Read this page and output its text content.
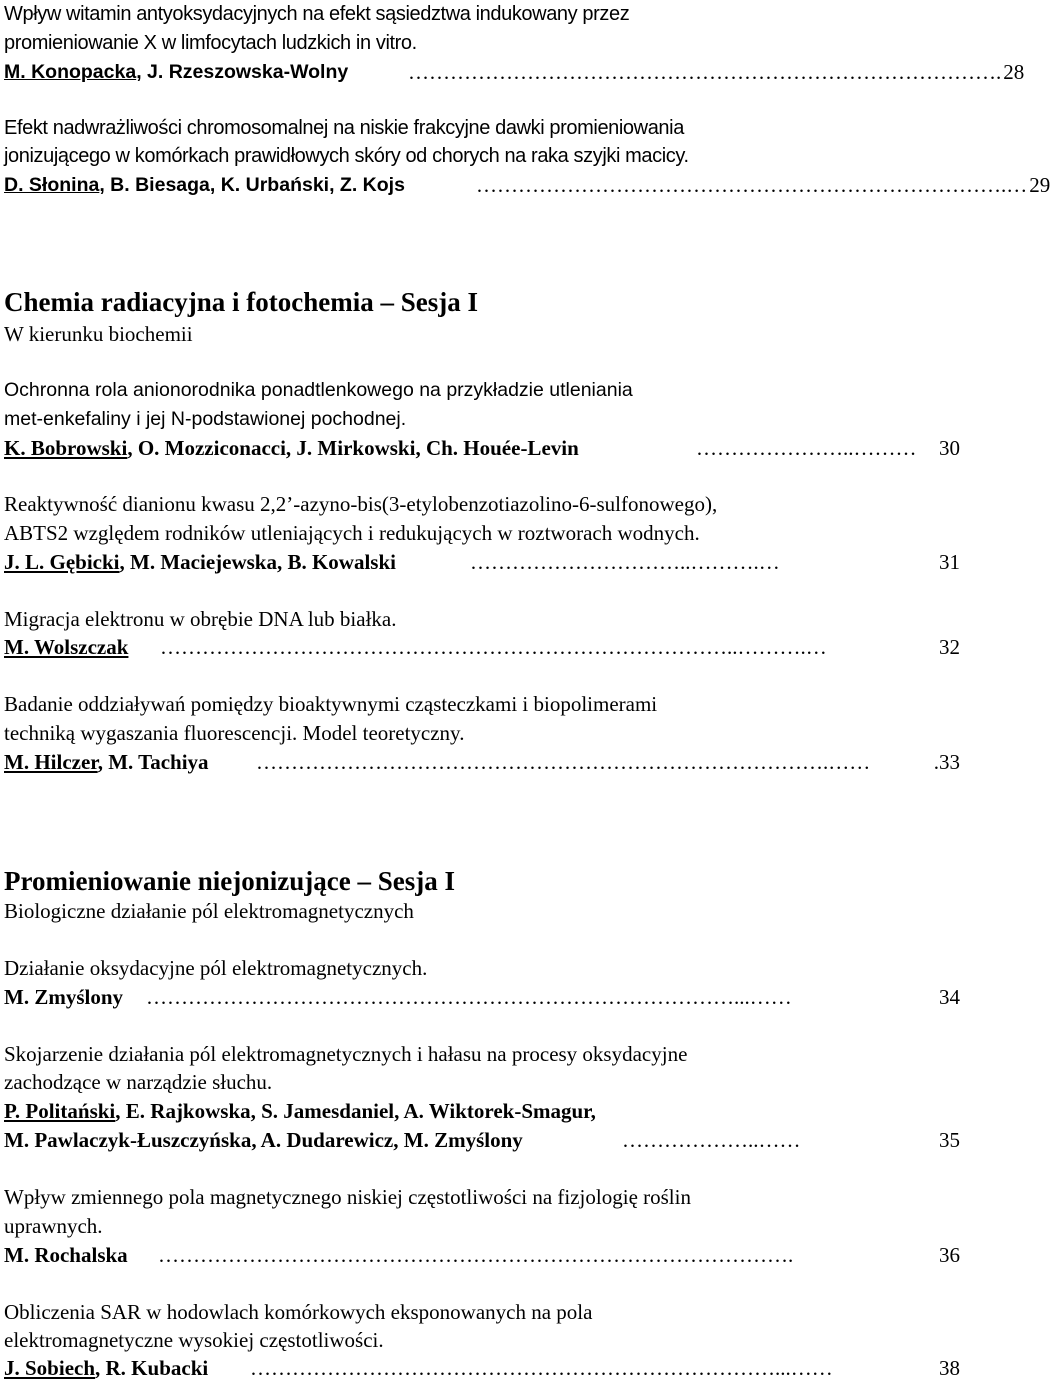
Wpływ witamin antyoksydacyjnych na efekt sąsiedztwa indukowany przez
promieniowanie X w limfocytach ludzkich in vitro.
M. Konopacka, J. Rzeszowska-Wolny	…………………………………………………………………………. 28
Efekt nadwrażliwości chromosomalnej na niskie frakcyjne dawki promieniowania
jonizującego w komórkach prawidłowych skóry od chorych na raka szyjki macicy.
D. Słonina, B. Biesaga, K. Urbański, Z. Kojs	………………………………………………………………….… 29
Chemia radiacyjna i fotochemia – Sesja I
W kierunku biochemii
Ochronna rola anionorodnika ponadtlenkowego na przykładzie utleniania
met-enkefaliny i jej N-podstawionej pochodnej.
K. Bobrowski, O. Mozziconacci, J. Mirkowski, Ch. Houée-Levin	…………………..………	30
Reaktywność dianionu kwasu 2,2’-azyno-bis(3-etylobenzotiazolino-6-sulfonowego),
ABTS2 względem rodników utleniających i redukujących w roztworach wodnych.
J. L. Gębicki, M. Maciejewska, B. Kowalski	…………………………..……….…	31
Migracja elektronu w obrębie DNA lub białka.
M. Wolszczak	………………………………………………………………………..……….…	32
Badanie oddziaływań pomiędzy bioaktywnymi cząsteczkami i biopolimerami
techniką wygaszania fluorescencji. Model teoretyczny.
M. Hilczer, M. Tachiya	……………………………………………………………………….……	.33
Promieniowanie niejonizujące – Sesja I
Biologiczne działanie pól elektromagnetycznych
Działanie oksydacyjne pól elektromagnetycznych.
M. Zmyślony	…………………………………………………………………………...……	34
Skojarzenie działania pól elektromagnetycznych i hałasu na procesy oksydacyjne
zachodzące w narządzie słuchu.
P. Politański, E. Rajkowska, S. Jamesdaniel, A. Wiktorek-Smagur,
M. Pawlaczyk-Łuszczyńska, A. Dudarewicz, M. Zmyślony	………………..……	35
Wpływ zmiennego pola magnetycznego niskiej częstotliwości na fizjologię roślin
uprawnych.
M. Rochalska	……………………………………………………………………………….	36
Obliczenia SAR w hodowlach komórkowych eksponowanych na pola
elektromagnetyczne wysokiej częstotliwości.
J. Sobiech, R. Kubacki	…………………………………………………………………...……	38
